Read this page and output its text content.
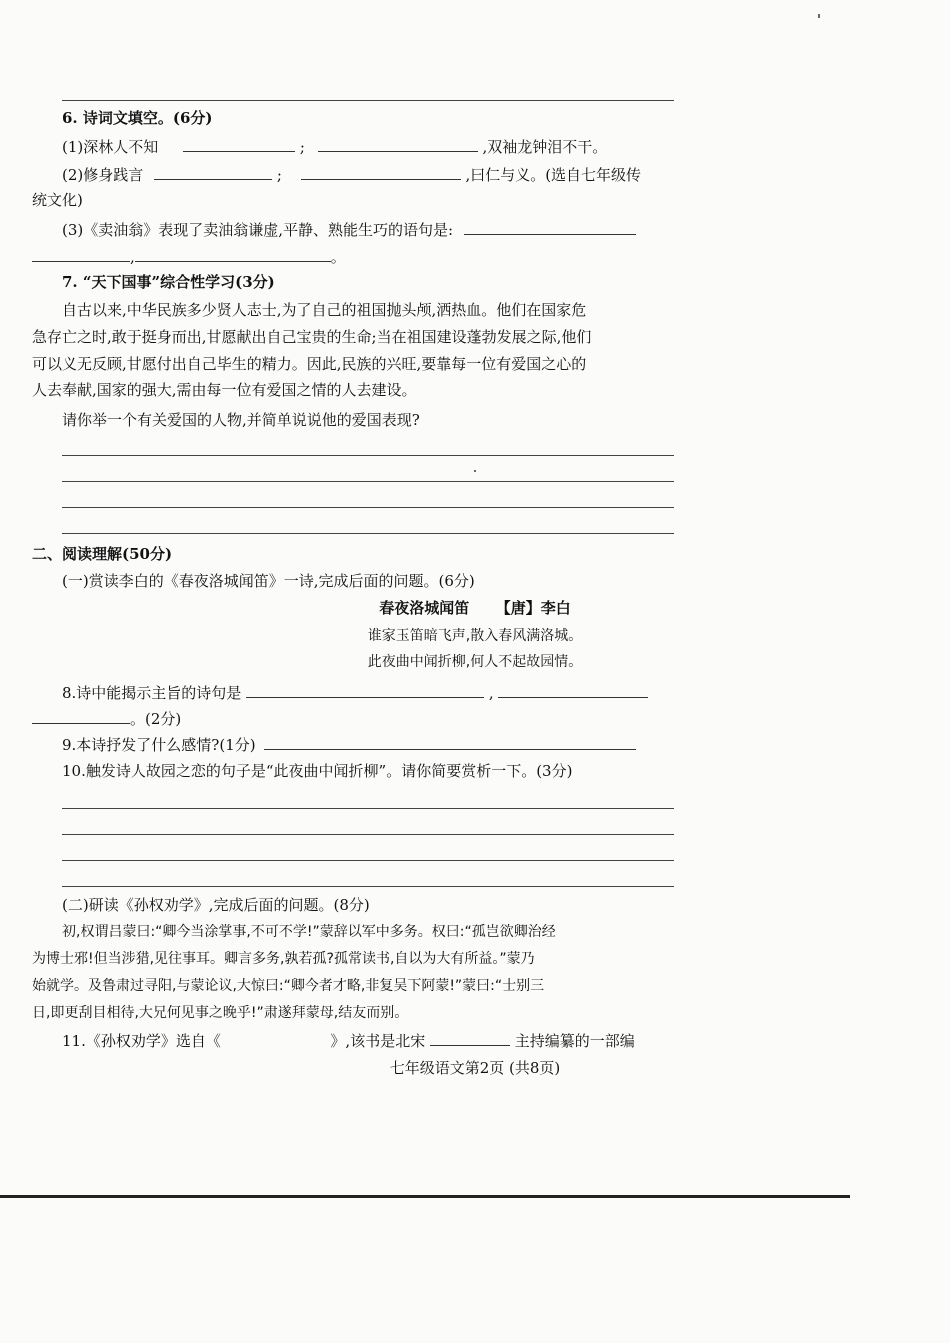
6. 诗词文填空。(6分)
(1)深林人不知	;	,双袖龙钟泪不干。
(2)修身践言	;	,曰仁与义。(选自七年级传
统文化)
(3)《卖油翁》表现了卖油翁谦虚,平静、熟能生巧的语句是:
,	。
7. “天下国事”综合性学习(3分)
自古以来,中华民族多少贤人志士,为了自己的祖国抛头颅,洒热血。他们在国家危
急存亡之时,敢于挺身而出,甘愿献出自己宝贵的生命;当在祖国建设蓬勃发展之际,他们
可以义无反顾,甘愿付出自己毕生的精力。因此,民族的兴旺,要靠每一位有爱国之心的
人去奉献,国家的强大,需由每一位有爱国之情的人去建设。
请你举一个有关爱国的人物,并简单说说他的爱国表现?
二、阅读理解(50分)
(一)赏读李白的《春夜洛城闻笛》一诗,完成后面的问题。(6分)
春夜洛城闻笛 【唐】李白
谁家玉笛暗飞声,散入春风满洛城。
此夜曲中闻折柳,何人不起故园情。
8.诗中能揭示主旨的诗句是	,
。(2分)
9.本诗抒发了什么感情?(1分)
10.触发诗人故园之恋的句子是“此夜曲中闻折柳”。请你简要赏析一下。(3分)
(二)研读《孙权劝学》,完成后面的问题。(8分)
初,权谓吕蒙曰:“卿今当涂掌事,不可不学!”蒙辞以军中多务。权曰:“孤岂欲卿治经
为博士邪!但当涉猎,见往事耳。卿言多务,孰若孤?孤常读书,自以为大有所益。”蒙乃
始就学。及鲁肃过寻阳,与蒙论议,大惊曰:“卿今者才略,非复吴下阿蒙!”蒙曰:“士别三
日,即更刮目相待,大兄何见事之晚乎!”肃遂拜蒙母,结友而别。
11.《孙权劝学》选自《	》,该书是北宋	主持编纂的一部编
七年级语文第2页 (共8页)
